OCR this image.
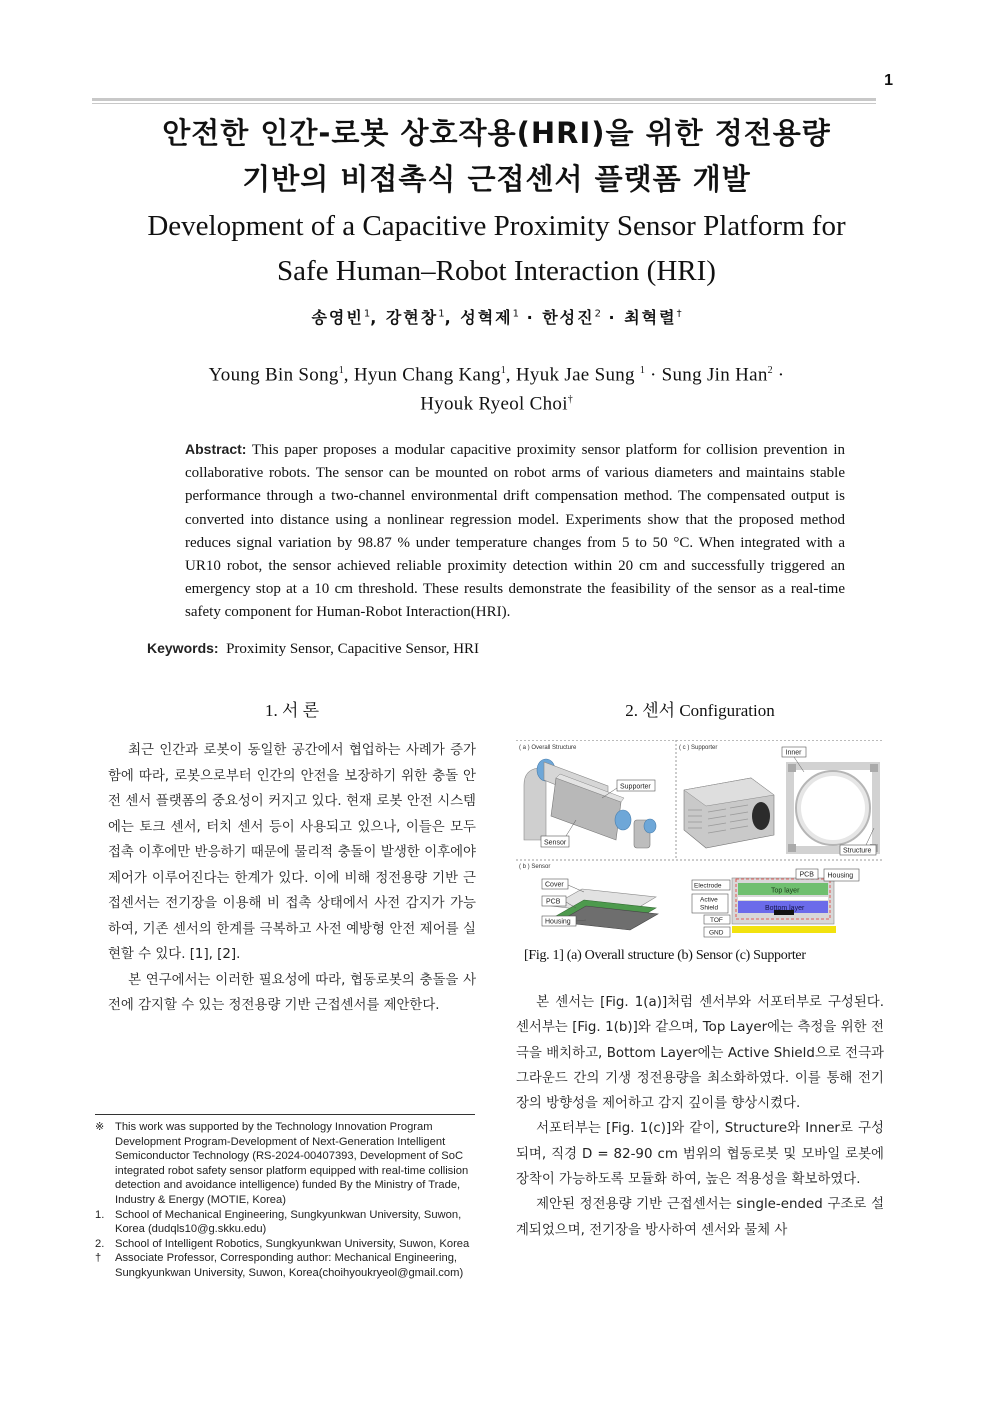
1
안전한 인간-로봇 상호작용(HRI)을 위한 정전용량
기반의 비접촉식 근접센서 플랫폼 개발
Development of a Capacitive Proximity Sensor Platform for
Safe Human–Robot Interaction (HRI)
송영빈$^1$, 강현창$^1$, 성혁제$^1$ · 한성진$^2$ · 최혁렬†
Young Bin Song$^1$, Hyun Chang Kang$^1$, Hyuk Jae Sung $^1$ · Sung Jin Han$^2$ ·
Hyouk Ryeol Choi†
Abstract: This paper proposes a modular capacitive proximity sensor platform for collision prevention in collaborative robots. The sensor can be mounted on robot arms of various diameters and maintains stable performance through a two-channel environmental drift compensation method. The compensated output is converted into distance using a nonlinear regression model. Experiments show that the proposed method reduces signal variation by 98.87 % under temperature changes from 5 to 50 °C. When integrated with a UR10 robot, the sensor achieved reliable proximity detection within 20 cm and successfully triggered an emergency stop at a 10 cm threshold. These results demonstrate the feasibility of the sensor as a real-time safety component for Human-Robot Interaction(HRI).
Keywords: Proximity Sensor, Capacitive Sensor, HRI
1. 서 론	2. 센서 Configuration

최근 인간과 로봇이 동일한 공간에서 협업하는 사례가 증가함에 따라, 로봇으로부터 인간의 안전을 보장하기 위한 충돌 안전 센서 플랫폼의 중요성이 커지고 있다. 현재 로봇 안전 시스템에는 토크 센서, 터치 센서 등이 사용되고 있으나, 이들은 모두 접촉 이후에만 반응하기 때문에 물리적 충돌이 발생한 이후에야 제어가 이루어진다는 한계가 있다. 이에 비해 정전용량 기반 근접센서는 전기장을 이용해 비 접촉 상태에서 사전 감지가 가능하여, 기존 센서의 한계를 극복하고 사전 예방형 안전 제어를 실현할 수 있다. [1], [2].

본 연구에서는 이러한 필요성에 따라, 협동로봇의 충돌을 사전에 감지할 수 있는 정전용량 기반 근접센서를 제안한다.

( a ) Overall Structure
Supporter
Sensor
( c ) Supporter
Inner
Structure
( b ) Sensor
Cover
PCB
Housing
Top layer
Bottom layer
Electrode
Active
Shield
TOF
GND
PCB Housing
[Fig. 1] (a) Overall structure (b) Sensor (c) Supporter

본 센서는 [Fig. 1(a)]처럼 센서부와 서포터부로 구성된다. 센서부는 [Fig. 1(b)]와 같으며, Top Layer에는 측정을 위한 전극을 배치하고, Bottom Layer에는 Active Shield으로 전극과 그라운드 간의 기생 정전용량을 최소화하였다. 이를 통해 전기장의 방향성을 제어하고 감지 깊이를 향상시켰다.

서포터부는 [Fig. 1(c)]와 같이, Structure와 Inner로 구성되며, 직경 D = 82-90 cm 범위의 협동로봇 및 모바일 로봇에 장착이 가능하도록 모듈화 하여, 높은 적용성을 확보하였다.

제안된 정전용량 기반 근접센서는 single-ended 구조로 설계되었으며, 전기장을 방사하여 센서와 물체 사

※ This work was supported by the Technology Innovation Program Development Program-Development of Next-Generation Intelligent Semiconductor Technology (RS-2024-00407393, Development of SoC integrated robot safety sensor platform equipped with real-time collision detection and avoidance intelligence) funded By the Ministry of Trade, Industry & Energy (MOTIE, Korea)
1. School of Mechanical Engineering, Sungkyunkwan University, Suwon, Korea (dudqls10@g.skku.edu)
2. School of Intelligent Robotics, Sungkyunkwan University, Suwon, Korea
†	Associate Professor, Corresponding author: Mechanical Engineering, Sungkyunkwan University, Suwon, Korea(choihyoukryeol@gmail.com)
